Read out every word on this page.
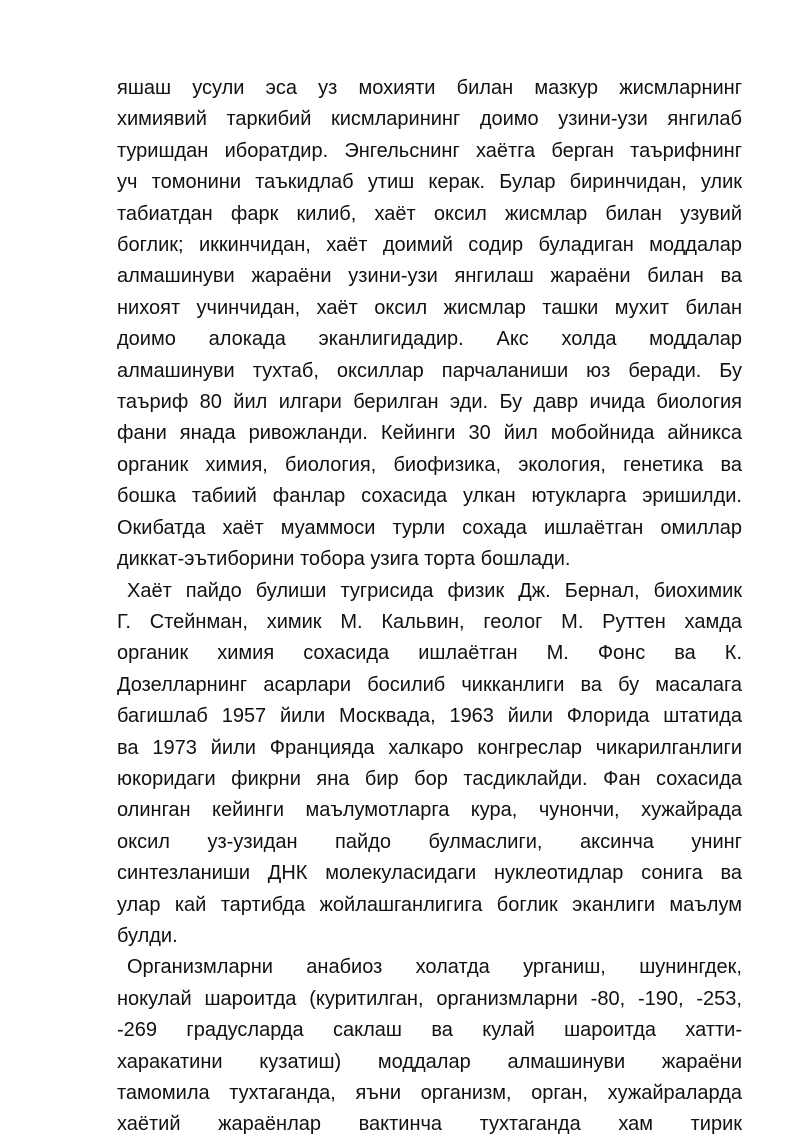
яшаш усули эса уз мохияти билан мазкур жисмларнинг
химиявий таркибий кисмларининг доимо узини-узи янгилаб
туришдан иборатдир. Энгельснинг хаётга берган таърифнинг
уч томонини таъкидлаб утиш керак. Булар биринчидан, улик
табиатдан фарк килиб, хаёт оксил жисмлар билан узувий
боглик; иккинчидан, хаёт доимий содир буладиган моддалар
алмашинуви жараёни узини-узи янгилаш жараёни билан ва
нихоят учинчидан, хаёт оксил жисмлар ташки мухит билан
доимо алокада эканлигидадир. Акс холда моддалар
алмашинуви тухтаб, оксиллар парчаланиши юз беради. Бу
таъриф 80 йил илгари берилган эди. Бу давр ичида биология
фани янада ривожланди. Кейинги 30 йил мобойнида айникса
органик химия, биология, биофизика, экология, генетика ва
бошка табиий фанлар сохасида улкан ютукларга эришилди.
Окибатда хаёт муаммоси турли сохада ишлаётган омиллар
диккат-эътиборини тобора узига торта бошлади.
Хаёт пайдо булиши тугрисида физик Дж. Бернал, биохимик
Г. Стейнман, химик М. Кальвин, геолог М. Руттен хамда
органик химия сохасида ишлаётган М. Фонс ва К.
Дозелларнинг асарлари босилиб чикканлиги ва бу масалага
багишлаб 1957 йили Москвада, 1963 йили Флорида штатида
ва 1973 йили Францияда халкаро конгреслар чикарилганлиги
юкоридаги фикрни яна бир бор тасдиклайди. Фан сохасида
олинган кейинги маълумотларга кура, чунончи, хужайрада
оксил уз-узидан пайдо булмаслиги, аксинча унинг
синтезланиши ДНК молекуласидаги нуклеотидлар сонига ва
улар кай тартибда жойлашганлигига боглик эканлиги маълум
булди.
Организмларни анабиоз холатда урганиш, шунингдек,
нокулай шароитда (куритилган, организмларни -80, -190, -253,
-269 градусларда саклаш ва кулай шароитда хатти-
харакатини кузатиш) моддалар алмашинуви жараёни
тамомила тухтаганда, яъни организм, орган, хужайраларда
хаётий жараёнлар вактинча тухтаганда хам тирик
